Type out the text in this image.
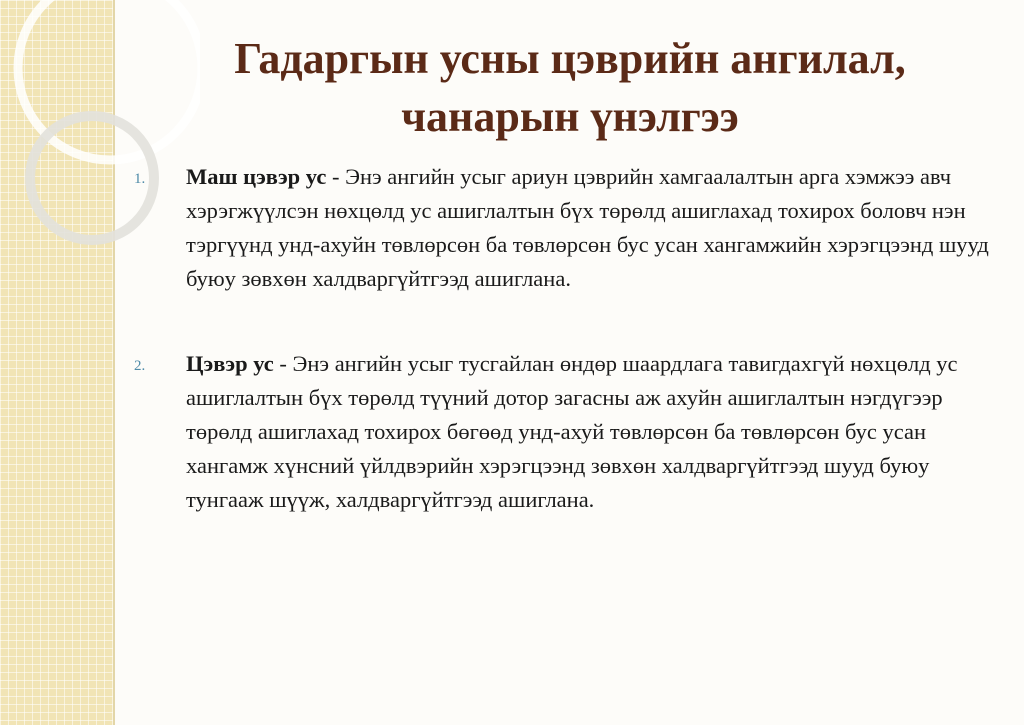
Гадаргын усны цэврийн ангилал, чанарын үнэлгээ
1. Маш цэвэр ус - Энэ ангийн усыг ариун цэврийн хамгаалалтын арга хэмжээ авч хэрэгжүүлсэн нөхцөлд ус ашиглалтын бүх төрөлд ашиглахад тохирох боловч нэн тэргүүнд унд-ахуйн төвлөрсөн ба төвлөрсөн бус усан хангамжийн хэрэгцээнд шууд буюу зөвхөн халдваргүйтгээд ашиглана.
2. Цэвэр ус - Энэ ангийн усыг тусгайлан өндөр шаардлага тавигдахгүй нөхцөлд ус ашиглалтын бүх төрөлд түүний дотор загасны аж ахуйн ашиглалтын нэгдүгээр төрөлд ашиглахад тохирох бөгөөд унд-ахуй төвлөрсөн ба төвлөрсөн бус усан хангамж хүнсний үйлдвэрийн хэрэгцээнд зөвхөн халдваргүйтгээд шууд буюу тунгааж шүүж, халдваргүйтгээд ашиглана.
